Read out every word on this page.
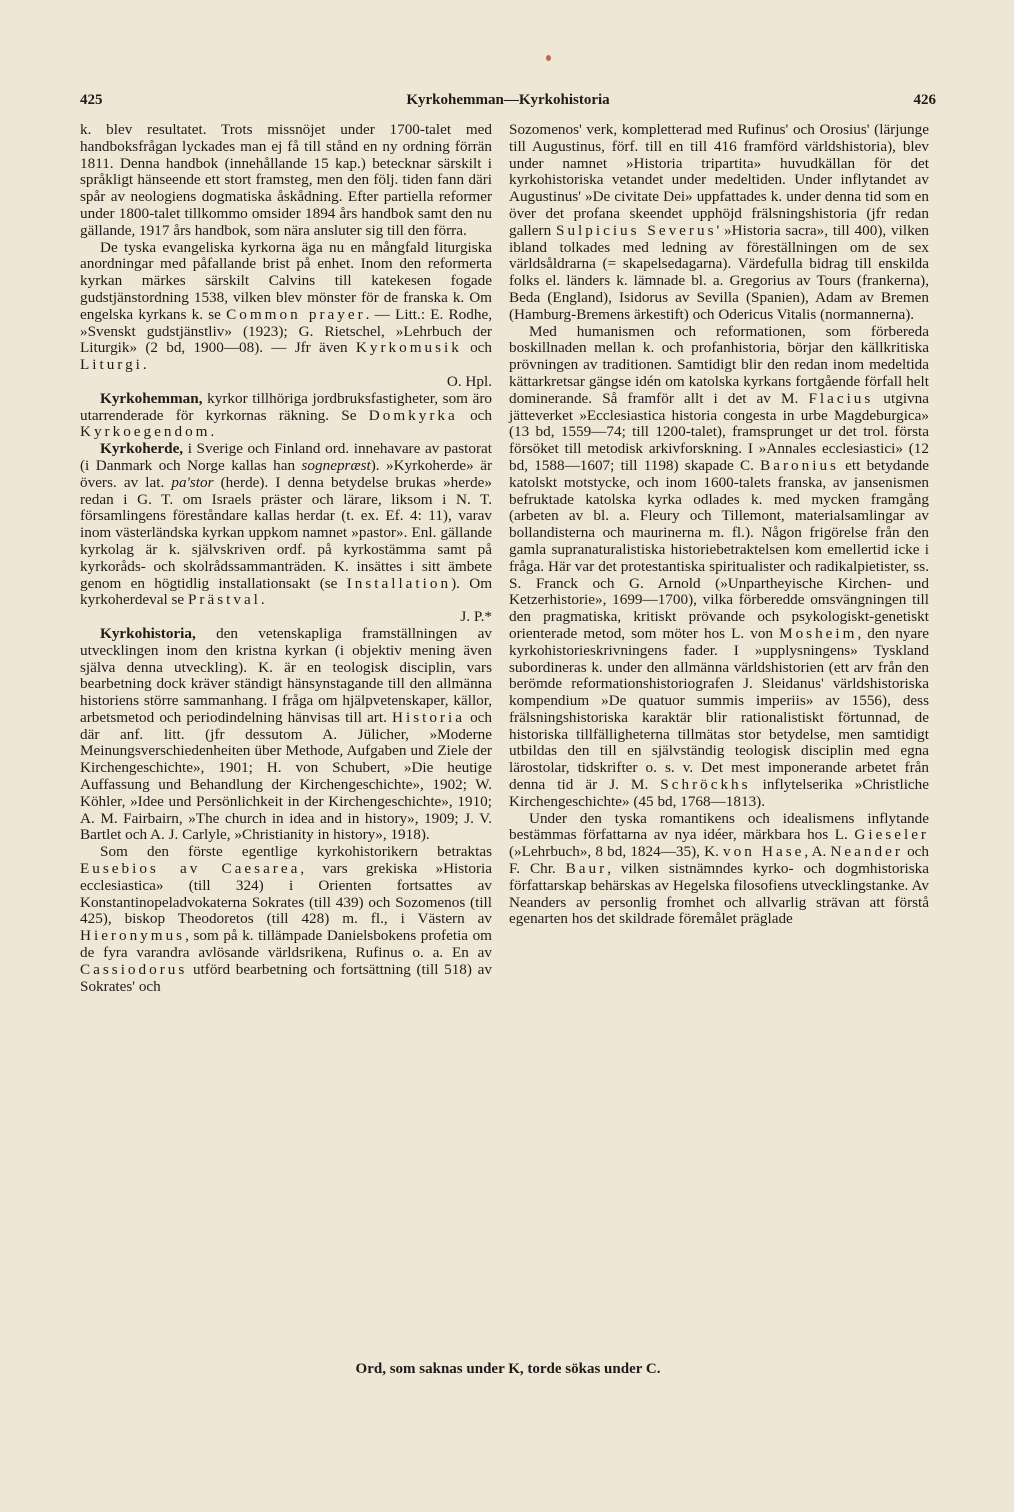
425	Kyrkohemman—Kyrkohistoria	426

k. blev resultatet. Trots missnöjet under 1700-talet med handboksfrågan lyckades man ej få till stånd en ny ordning förrän 1811. Denna handbok (innehållande 15 kap.) betecknar särskilt i språkligt hänseende ett stort framsteg, men den följ. tiden fann däri spår av neologiens dogmatiska åskådning. Efter partiella reformer under 1800-talet tillkommo omsider 1894 års handbok samt den nu gällande, 1917 års handbok, som nära ansluter sig till den förra.

De tyska evangeliska kyrkorna äga nu en mångfald liturgiska anordningar med påfallande brist på enhet. Inom den reformerta kyrkan märkes särskilt Calvins till katekesen fogade gudstjänstordning 1538, vilken blev mönster för de franska k. Om engelska kyrkans k. se Common prayer. — Litt.: E. Rodhe, »Svenskt gudstjänstliv» (1923); G. Rietschel, »Lehrbuch der Liturgik» (2 bd, 1900—08). — Jfr även Kyrkomusik och Liturgi.
O. Hpl.

Kyrkohemman, kyrkor tillhöriga jordbruksfastigheter, som äro utarrenderade för kyrkornas räkning. Se Domkyrka och Kyrkoegendom.

Kyrkoherde, i Sverige och Finland ord. innehavare av pastorat (i Danmark och Norge kallas han sognepræst). »Kyrkoherde» är övers. av lat. pa'stor (herde). I denna betydelse brukas »herde» redan i G. T. om Israels präster och lärare, liksom i N. T. församlingens föreståndare kallas herdar (t. ex. Ef. 4: 11), varav inom västerländska kyrkan uppkom namnet »pastor». Enl. gällande kyrkolag är k. självskriven ordf. på kyrkostämma samt på kyrkoråds- och skolrådssammanträden. K. insättes i sitt ämbete genom en högtidlig installationsakt (se Installation). Om kyrkoherdeval se Prästval.
J. P.*

Kyrkohistoria, den vetenskapliga framställningen av utvecklingen inom den kristna kyrkan (i objektiv mening även själva denna utveckling). K. är en teologisk disciplin, vars bearbetning dock kräver ständigt hänsynstagande till den allmänna historiens större sammanhang. I fråga om hjälpvetenskaper, källor, arbetsmetod och periodindelning hänvisas till art. Historia och där anf. litt. (jfr dessutom A. Jülicher, »Moderne Meinungsverschiedenheiten über Methode, Aufgaben und Ziele der Kirchengeschichte», 1901; H. von Schubert, »Die heutige Auffassung und Behandlung der Kirchengeschichte», 1902; W. Köhler, »Idee und Persönlichkeit in der Kirchengeschichte», 1910; A. M. Fairbairn, »The church in idea and in history», 1909; J. V. Bartlet och A. J. Carlyle, »Christianity in history», 1918).

Som den förste egentlige kyrkohistorikern betraktas Eusebios av Caesarea, vars grekiska »Historia ecclesiastica» (till 324) i Orienten fortsattes av Konstantinopeladvokaterna Sokrates (till 439) och Sozomenos (till 425), biskop Theodoretos (till 428) m. fl., i Västern av Hieronymus, som på k. tillämpade Danielsbokens profetia om de fyra varandra avlösande världsrikena, Rufinus o. a. En av Cassiodorus utförd bearbetning och fortsättning (till 518) av Sokrates' och

Sozomenos' verk, kompletterad med Rufinus' och Orosius' (lärjunge till Augustinus, förf. till en till 416 framförd världshistoria), blev under namnet »Historia tripartita» huvudkällan för det kyrkohistoriska vetandet under medeltiden. Under inflytandet av Augustinus' »De civitate Dei» uppfattades k. under denna tid som en över det profana skeendet upphöjd frälsningshistoria (jfr redan gallern Sulpicius Severus' »Historia sacra», till 400), vilken ibland tolkades med ledning av föreställningen om de sex världsåldrarna (= skapelsedagarna). Värdefulla bidrag till enskilda folks el. länders k. lämnade bl. a. Gregorius av Tours (frankerna), Beda (England), Isidorus av Sevilla (Spanien), Adam av Bremen (Hamburg-Bremens ärkestift) och Odericus Vitalis (normannerna).

Med humanismen och reformationen, som förbereda boskillnaden mellan k. och profanhistoria, börjar den källkritiska prövningen av traditionen. Samtidigt blir den redan inom medeltida kättarkretsar gängse idén om katolska kyrkans fortgående förfall helt dominerande. Så framför allt i det av M. Flacius utgivna jätteverket »Ecclesiastica historia congesta in urbe Magdeburgica» (13 bd, 1559—74; till 1200-talet), framsprunget ur det trol. första försöket till metodisk arkivforskning. I »Annales ecclesiastici» (12 bd, 1588—1607; till 1198) skapade C. Baronius ett betydande katolskt motstycke, och inom 1600-talets franska, av jansenismen befruktade katolska kyrka odlades k. med mycken framgång (arbeten av bl. a. Fleury och Tillemont, materialsamlingar av bollandisterna och maurinerna m. fl.). Någon frigörelse från den gamla supranaturalistiska historiebetraktelsen kom emellertid icke i fråga. Här var det protestantiska spiritualister och radikalpietister, ss. S. Franck och G. Arnold (»Unpartheyische Kirchen- und Ketzerhistorie», 1699—1700), vilka förberedde omsvängningen till den pragmatiska, kritiskt prövande och psykologiskt-genetiskt orienterade metod, som möter hos L. von Mosheim, den nyare kyrkohistorieskrivningens fader. I »upplysningens» Tyskland subordineras k. under den allmänna världshistorien (ett arv från den berömde reformationshistoriografen J. Sleidanus' världshistoriska kompendium »De quatuor summis imperiis» av 1556), dess frälsningshistoriska karaktär blir rationalistiskt förtunnad, de historiska tillfälligheterna tillmätas stor betydelse, men samtidigt utbildas den till en självständig teologisk disciplin med egna lärostolar, tidskrifter o. s. v. Det mest imponerande arbetet från denna tid är J. M. Schröckhs inflytelserika »Christliche Kirchengeschichte» (45 bd, 1768—1813).

Under den tyska romantikens och idealismens inflytande bestämmas författarna av nya idéer, märkbara hos L. Gieseler (»Lehrbuch», 8 bd, 1824—35), K. von Hase, A. Neander och F. Chr. Baur, vilken sistnämndes kyrko- och dogmhistoriska författarskap behärskas av Hegelska filosofiens utvecklingstanke. Av Neanders av personlig fromhet och allvarlig strävan att förstå egenarten hos det skildrade föremålet präglade

Ord, som saknas under K, torde sökas under C.
